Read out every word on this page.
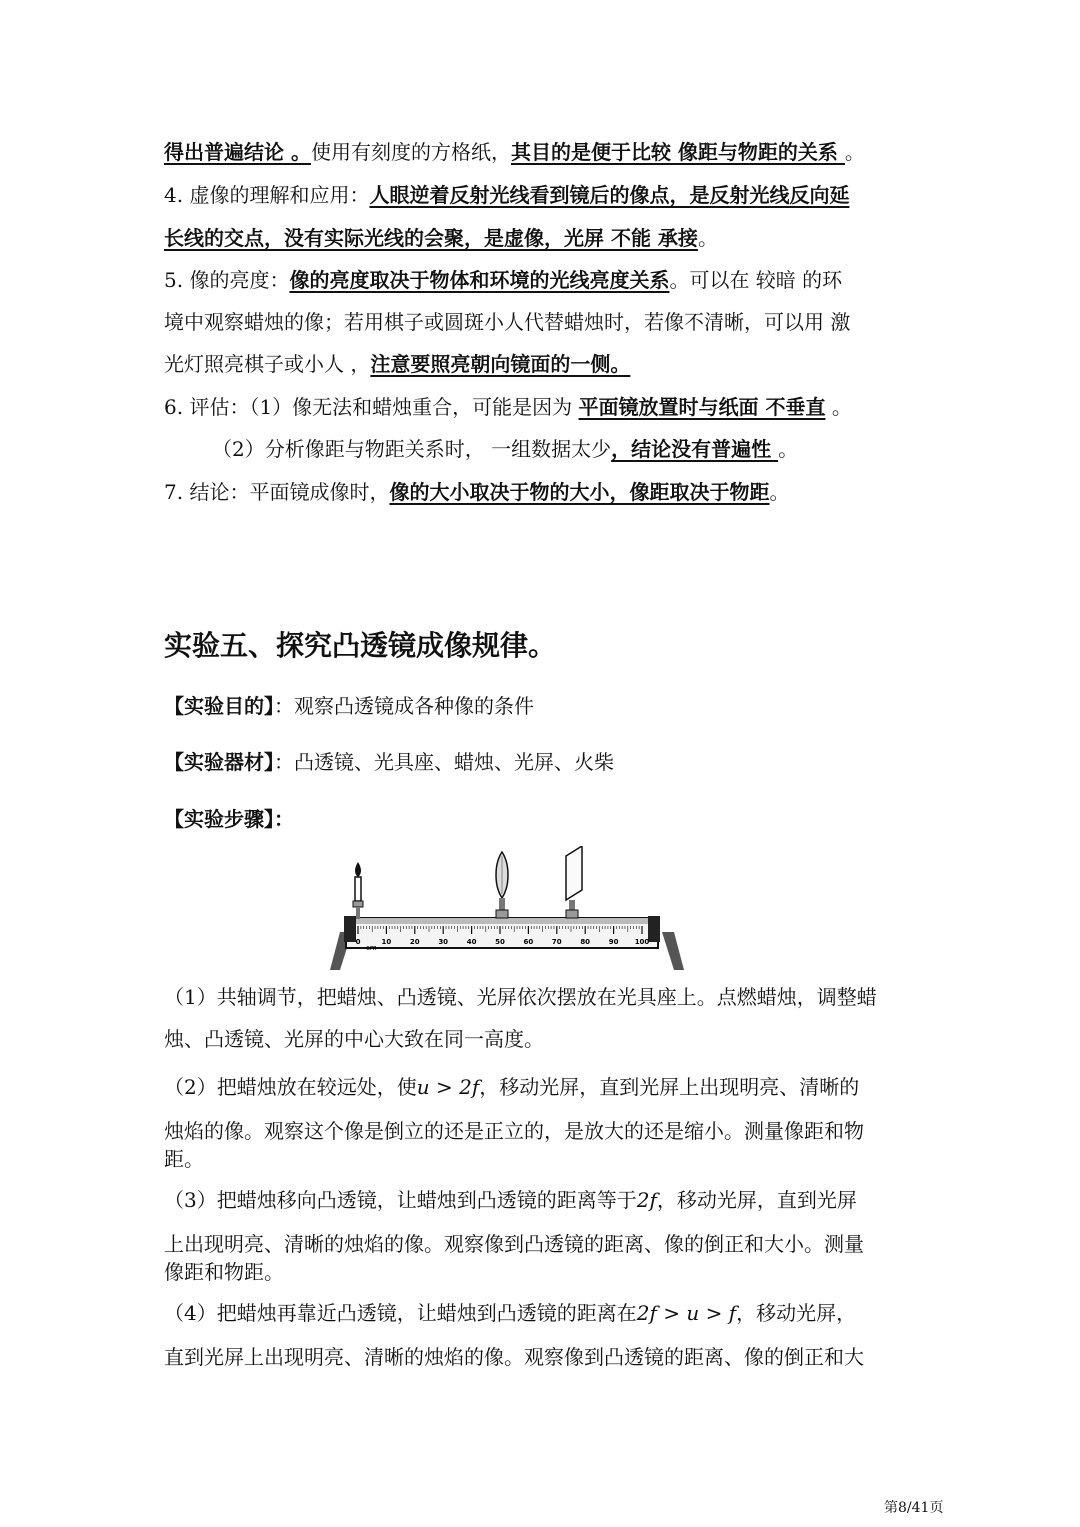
得出普遍结论 。使用有刻度的方格纸，其目的是便于比较 像距与物距的关系 。
4. 虚像的理解和应用：人眼逆着反射光线看到镜后的像点，是反射光线反向延
长线的交点，没有实际光线的会聚，是虚像，光屏 不能 承接。
5. 像的亮度：像的亮度取决于物体和环境的光线亮度关系。可以在 较暗 的环
境中观察蜡烛的像；若用棋子或圆斑小人代替蜡烛时，若像不清晰，可以用 激
光灯照亮棋子或小人 ，注意要照亮朝向镜面的一侧。
6. 评估：（1）像无法和蜡烛重合，可能是因为 平面镜放置时与纸面 不垂直 。
（2）分析像距与物距关系时， 一组数据太少，结论没有普遍性 。
7. 结论：平面镜成像时，像的大小取决于物的大小，像距取决于物距。
实验五、探究凸透镜成像规律。
【实验目的】：观察凸透镜成各种像的条件
【实验器材】：凸透镜、光具座、蜡烛、光屏、火柴
【实验步骤】：
0	10	20	30	40	50	60	70	80	90 100
cm
（1）共轴调节，把蜡烛、凸透镜、光屏依次摆放在光具座上。点燃蜡烛，调整蜡
烛、凸透镜、光屏的中心大致在同一高度。
（2）把蜡烛放在较远处，使u > 2f，移动光屏，直到光屏上出现明亮、清晰的
烛焰的像。观察这个像是倒立的还是正立的，是放大的还是缩小。测量像距和物
距。
（3）把蜡烛移向凸透镜，让蜡烛到凸透镜的距离等于2f，移动光屏，直到光屏
上出现明亮、清晰的烛焰的像。观察像到凸透镜的距离、像的倒正和大小。测量
像距和物距。
（4）把蜡烛再靠近凸透镜，让蜡烛到凸透镜的距离在2f > u > f，移动光屏，
直到光屏上出现明亮、清晰的烛焰的像。观察像到凸透镜的距离、像的倒正和大
第8/41页
